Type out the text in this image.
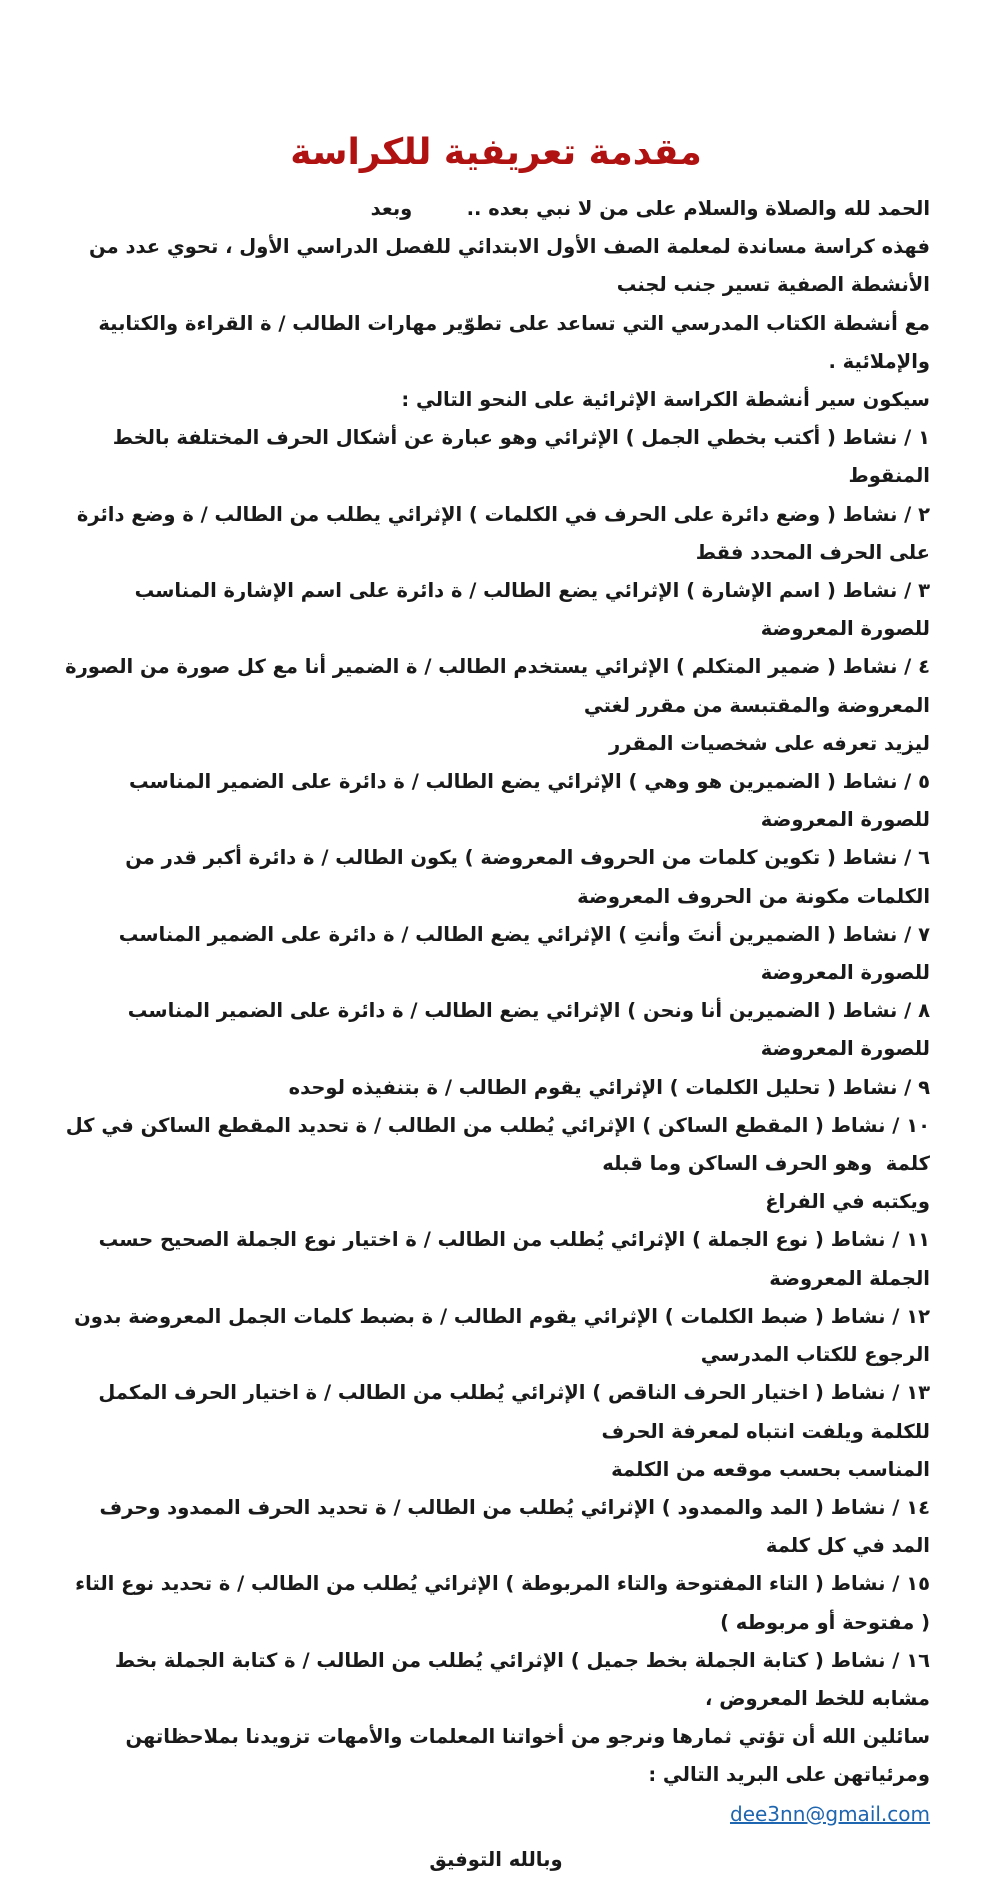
مقدمة تعريفية للكراسة
الحمد لله والصلاة والسلام على من لا نبي بعده ..        وبعد
فهذه كراسة مساندة لمعلمة الصف الأول الابتدائي للفصل الدراسي الأول ، تحوي عدد من الأنشطة الصفية تسير جنب لجنب
مع أنشطة الكتاب المدرسي التي تساعد على تطوّير مهارات الطالب / ة القراءة والكتابية والإملائية .
سيكون سير أنشطة الكراسة الإثرائية على النحو التالي :
١ / نشاط ( أكتب بخطي الجمل ) الإثرائي وهو عبارة عن أشكال الحرف المختلفة بالخط المنقوط
٢ / نشاط ( وضع دائرة على الحرف في الكلمات ) الإثرائي يطلب من الطالب / ة وضع دائرة على الحرف المحدد فقط
٣ / نشاط ( اسم الإشارة ) الإثرائي يضع الطالب / ة دائرة على اسم الإشارة المناسب للصورة المعروضة
٤ / نشاط ( ضمير المتكلم ) الإثرائي يستخدم الطالب / ة الضمير أنا مع كل صورة من الصورة المعروضة والمقتبسة من مقرر لغتي
ليزيد تعرفه على شخصيات المقرر
٥ / نشاط ( الضميرين هو وهي ) الإثرائي يضع الطالب / ة دائرة على الضمير المناسب للصورة المعروضة
٦ / نشاط ( تكوين كلمات من الحروف المعروضة ) يكون الطالب / ة دائرة أكبر قدر من الكلمات مكونة من الحروف المعروضة
٧ / نشاط ( الضميرين أنتَ وأنتِ ) الإثرائي يضع الطالب / ة دائرة على الضمير المناسب للصورة المعروضة
٨ / نشاط ( الضميرين أنا ونحن ) الإثرائي يضع الطالب / ة دائرة على الضمير المناسب للصورة المعروضة
٩ / نشاط ( تحليل الكلمات ) الإثرائي يقوم الطالب / ة بتنفيذه لوحده
١٠ / نشاط ( المقطع الساكن ) الإثرائي يُطلب من الطالب / ة تحديد المقطع الساكن في كل كلمة  وهو الحرف الساكن وما قبله
ويكتبه في الفراغ
١١ / نشاط ( نوع الجملة ) الإثرائي يُطلب من الطالب / ة اختيار نوع الجملة الصحيح حسب الجملة المعروضة
١٢ / نشاط ( ضبط الكلمات ) الإثرائي يقوم الطالب / ة بضبط كلمات الجمل المعروضة بدون الرجوع للكتاب المدرسي
١٣ / نشاط ( اختيار الحرف الناقص ) الإثرائي يُطلب من الطالب / ة اختيار الحرف المكمل للكلمة ويلفت انتباه لمعرفة الحرف
المناسب بحسب موقعه من الكلمة
١٤ / نشاط ( المد والممدود ) الإثرائي يُطلب من الطالب / ة تحديد الحرف الممدود وحرف المد في كل كلمة
١٥ / نشاط ( التاء المفتوحة والتاء المربوطة ) الإثرائي يُطلب من الطالب / ة تحديد نوع التاء ( مفتوحة أو مربوطه )
١٦ / نشاط ( كتابة الجملة بخط جميل ) الإثرائي يُطلب من الطالب / ة كتابة الجملة بخط مشابه للخط المعروض ،
سائلين الله أن تؤتي ثمارها ونرجو من أخواتنا المعلمات والأمهات تزويدنا بملاحظاتهن ومرئياتهن على البريد التالي :
dee3nn@gmail.com
وبالله التوفيق
